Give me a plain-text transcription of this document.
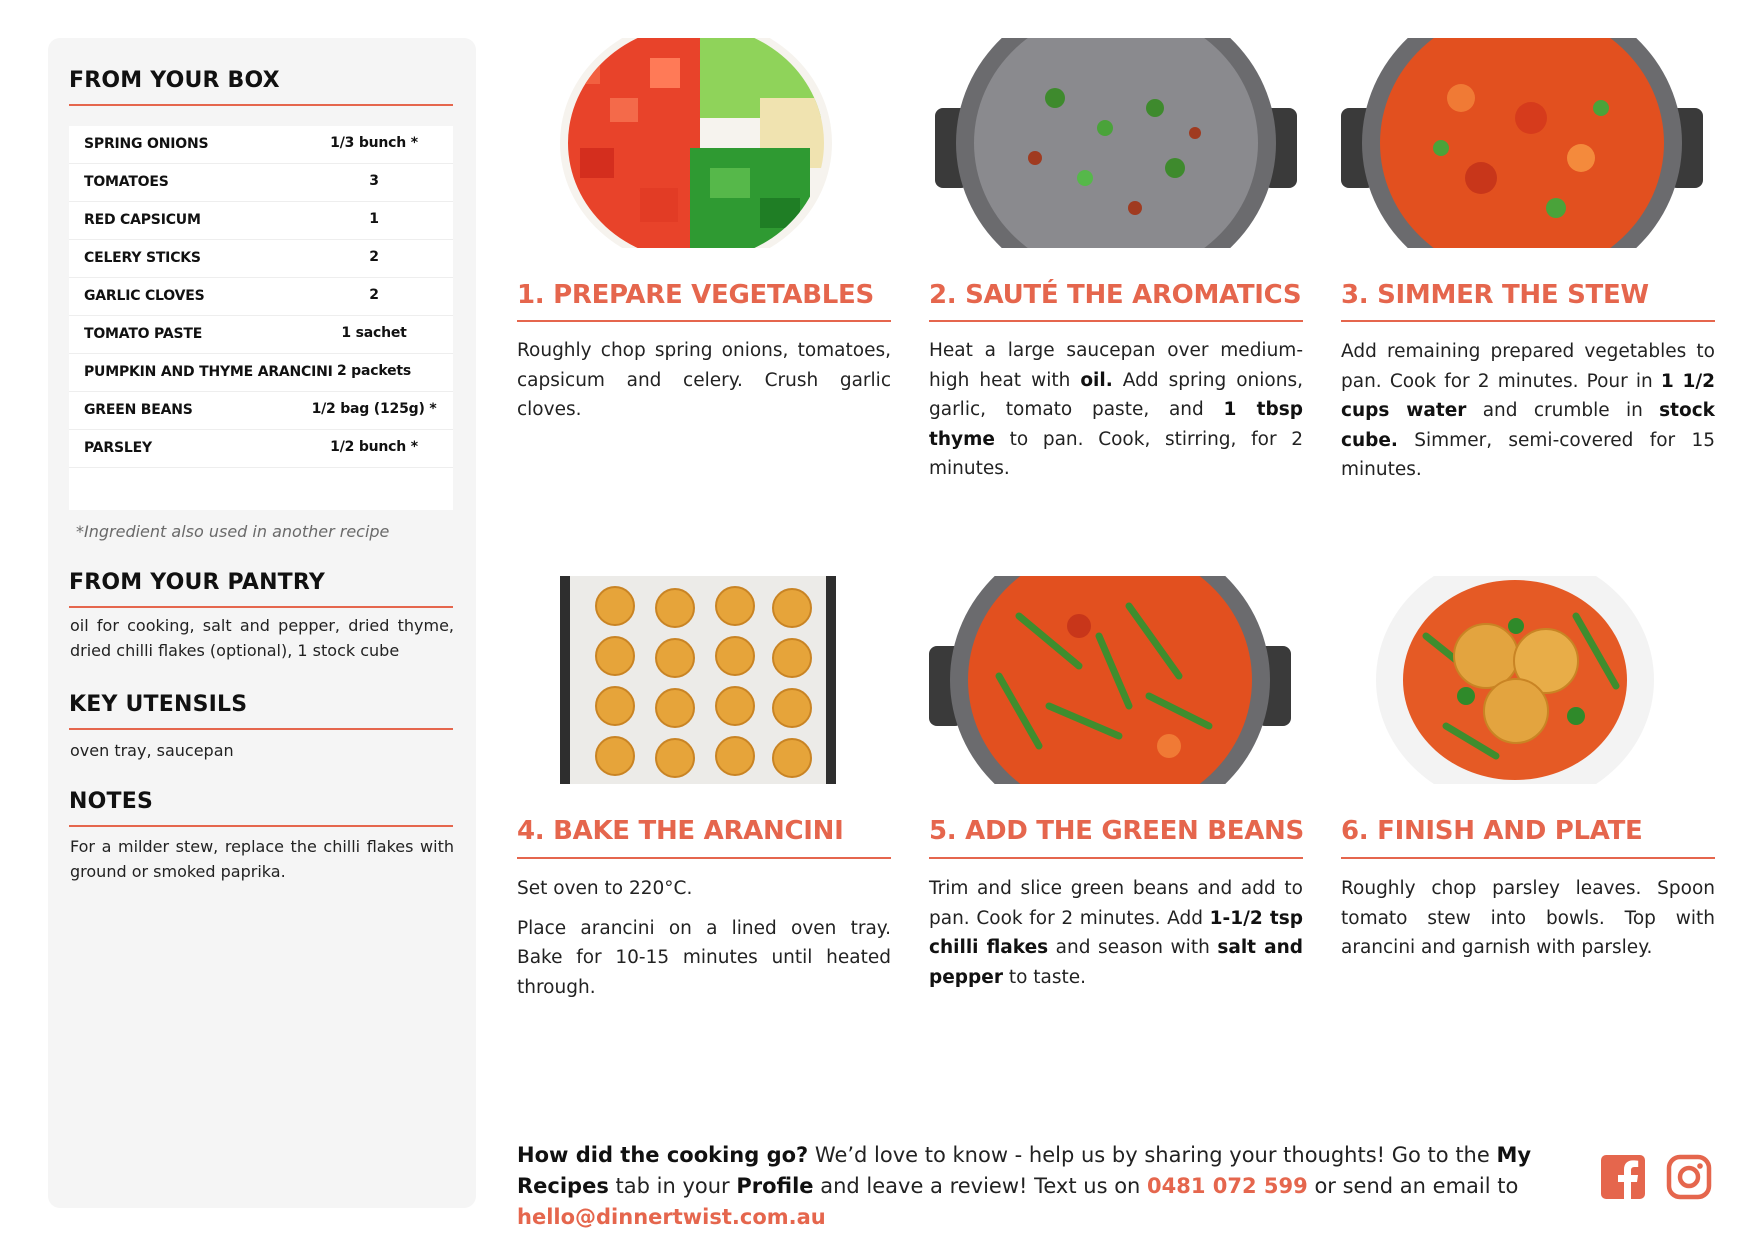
FROM YOUR BOX
SPRING ONIONS	1/3 bunch *
TOMATOES	3
RED CAPSICUM	1
CELERY STICKS	2
GARLIC CLOVES	2
TOMATO PASTE	1 sachet
PUMPKIN AND THYME ARANCINI 2 packets
GREEN BEANS	1/2 bag (125g) *
PARSLEY	1/2 bunch *
*Ingredient also used in another recipe
FROM YOUR PANTRY
oil for cooking, salt and pepper, dried thyme, dried chilli flakes (optional), 1 stock cube
KEY UTENSILS
oven tray, saucepan
NOTES
For a milder stew, replace the chilli flakes with ground or smoked paprika.
1. PREPARE VEGETABLES

Roughly chop spring onions, tomatoes, capsicum and celery. Crush garlic cloves.

2. SAUTÉ THE AROMATICS

Heat a large saucepan over medium-high heat with oil. Add spring onions, garlic, tomato paste, and 1 tbsp thyme to pan. Cook, stirring, for 2 minutes.

3. SIMMER THE STEW

Add remaining prepared vegetables to pan. Cook for 2 minutes. Pour in 1 1/2 cups water and crumble in stock cube. Simmer, semi-covered for 15 minutes.

4. BAKE THE ARANCINI

Set oven to 220°C.

Place arancini on a lined oven tray. Bake for 10-15 minutes until heated through.

5. ADD THE GREEN BEANS

Trim and slice green beans and add to pan. Cook for 2 minutes. Add 1-1/2 tsp chilli flakes and season with salt and pepper to taste.

6. FINISH AND PLATE

Roughly chop parsley leaves. Spoon tomato stew into bowls. Top with arancini and garnish with parsley.

How did the cooking go? We’d love to know - help us by sharing your thoughts! Go to the My Recipes tab in your Profile and leave a review! Text us on 0481 072 599 or send an email to hello@dinnertwist.com.au
